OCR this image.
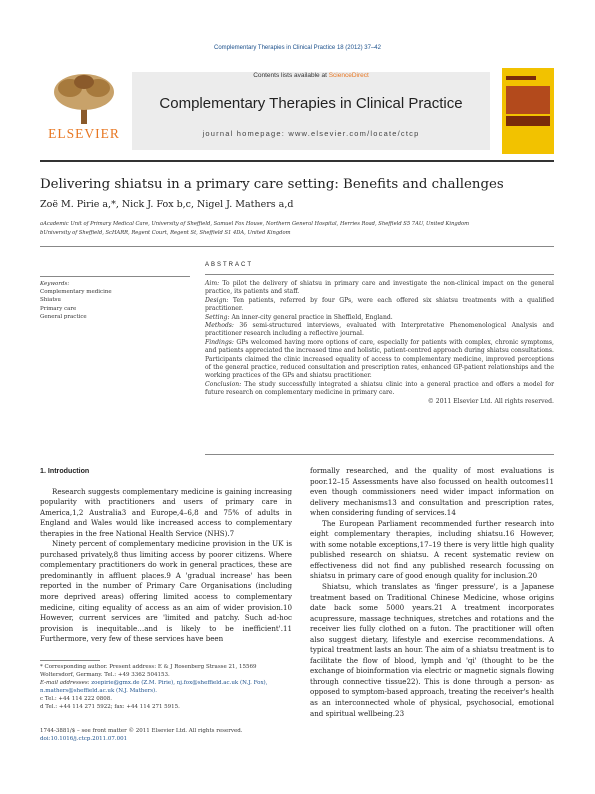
Complementary Therapies in Clinical Practice 18 (2012) 37–42
ELSEVIER
Contents lists available at ScienceDirect
Complementary Therapies in Clinical Practice
journal homepage: www.elsevier.com/locate/ctcp
Delivering shiatsu in a primary care setting: Benefits and challenges
Zoë M. Pirie a,*, Nick J. Fox b,c, Nigel J. Mathers a,d
aAcademic Unit of Primary Medical Care, University of Sheffield, Samuel Fox House, Northern General Hospital, Herries Road, Sheffield S5 7AU, United Kingdom
bUniversity of Sheffield, ScHARR, Regent Court, Regent St, Sheffield S1 4DA, United Kingdom
ABSTRACT
Keywords:
Complementary medicine
Shiatsu
Primary care
General practice
Aim: To pilot the delivery of shiatsu in primary care and investigate the non-clinical impact on the general practice, its patients and staff.
Design: Ten patients, referred by four GPs, were each offered six shiatsu treatments with a qualified practitioner.
Setting: An inner-city general practice in Sheffield, England.
Methods: 36 semi-structured interviews, evaluated with Interpretative Phenomenological Analysis and practitioner research including a reflective journal.
Findings: GPs welcomed having more options of care, especially for patients with complex, chronic symptoms, and patients appreciated the increased time and holistic, patient-centred approach during shiatsu consultations. Participants claimed the clinic increased equality of access to complementary medicine, improved perceptions of the general practice, reduced consultation and prescription rates, enhanced GP-patient relationships and the working practices of the GPs and shiatsu practitioner.
Conclusion: The study successfully integrated a shiatsu clinic into a general practice and offers a model for future research on complementary medicine in primary care.
© 2011 Elsevier Ltd. All rights reserved.
1. Introduction

Research suggests complementary medicine is gaining increasing popularity with practitioners and users of primary care in America,1,2 Australia3 and Europe,4–6,8 and 75% of adults in England and Wales would like increased access to complementary therapies in the free National Health Service (NHS).7

Ninety percent of complementary medicine provision in the UK is purchased privately,8 thus limiting access by poorer citizens. Where complementary practitioners do work in general practices, these are predominantly in affluent places.9 A 'gradual increase' has been reported in the number of Primary Care Organisations (including more deprived areas) offering limited access to complementary medicine, citing equality of access as an aim of wider provision.10 However, current services are 'limited and patchy. Such ad-hoc provision is inequitable…and is likely to be inefficient'.11 Furthermore, very few of these services have been

formally researched, and the quality of most evaluations is poor.12–15 Assessments have also focussed on health outcomes11 even though commissioners need wider impact information on delivery mechanisms13 and consultation and prescription rates, when considering funding of services.14

The European Parliament recommended further research into eight complementary therapies, including shiatsu.16 However, with some notable exceptions,17–19 there is very little high quality published research on shiatsu. A recent systematic review on effectiveness did not find any published research focussing on shiatsu in primary care of good enough quality for inclusion.20

Shiatsu, which translates as 'finger pressure', is a Japanese treatment based on Traditional Chinese Medicine, whose origins date back some 5000 years.21 A treatment incorporates acupressure, massage techniques, stretches and rotations and the receiver lies fully clothed on a futon. The practitioner will often also suggest dietary, lifestyle and exercise recommendations. A typical treatment lasts an hour. The aim of a shiatsu treatment is to facilitate the flow of blood, lymph and 'qi' (thought to be the exchange of bioinformation via electric or magnetic signals flowing through connective tissue22). This is done through a person- as opposed to symptom-based approach, treating the receiver's health as an interconnected whole of physical, psychosocial, emotional and spiritual wellbeing.23

* Corresponding author. Present address: E & J Rosenberg Strasse 21, 15569 Woltersdorf, Germany. Tel.: +49 3362 504153.
E-mail addresses: zoepirie@gmx.de (Z.M. Pirie), nj.fox@sheffield.ac.uk (N.J. Fox), n.mathers@sheffield.ac.uk (N.J. Mathers).
c Tel.: +44 114 222 0808.
d Tel.: +44 114 271 5922; fax: +44 114 271 5915.
1744-3881/$ – see front matter © 2011 Elsevier Ltd. All rights reserved.
doi:10.1016/j.ctcp.2011.07.001
